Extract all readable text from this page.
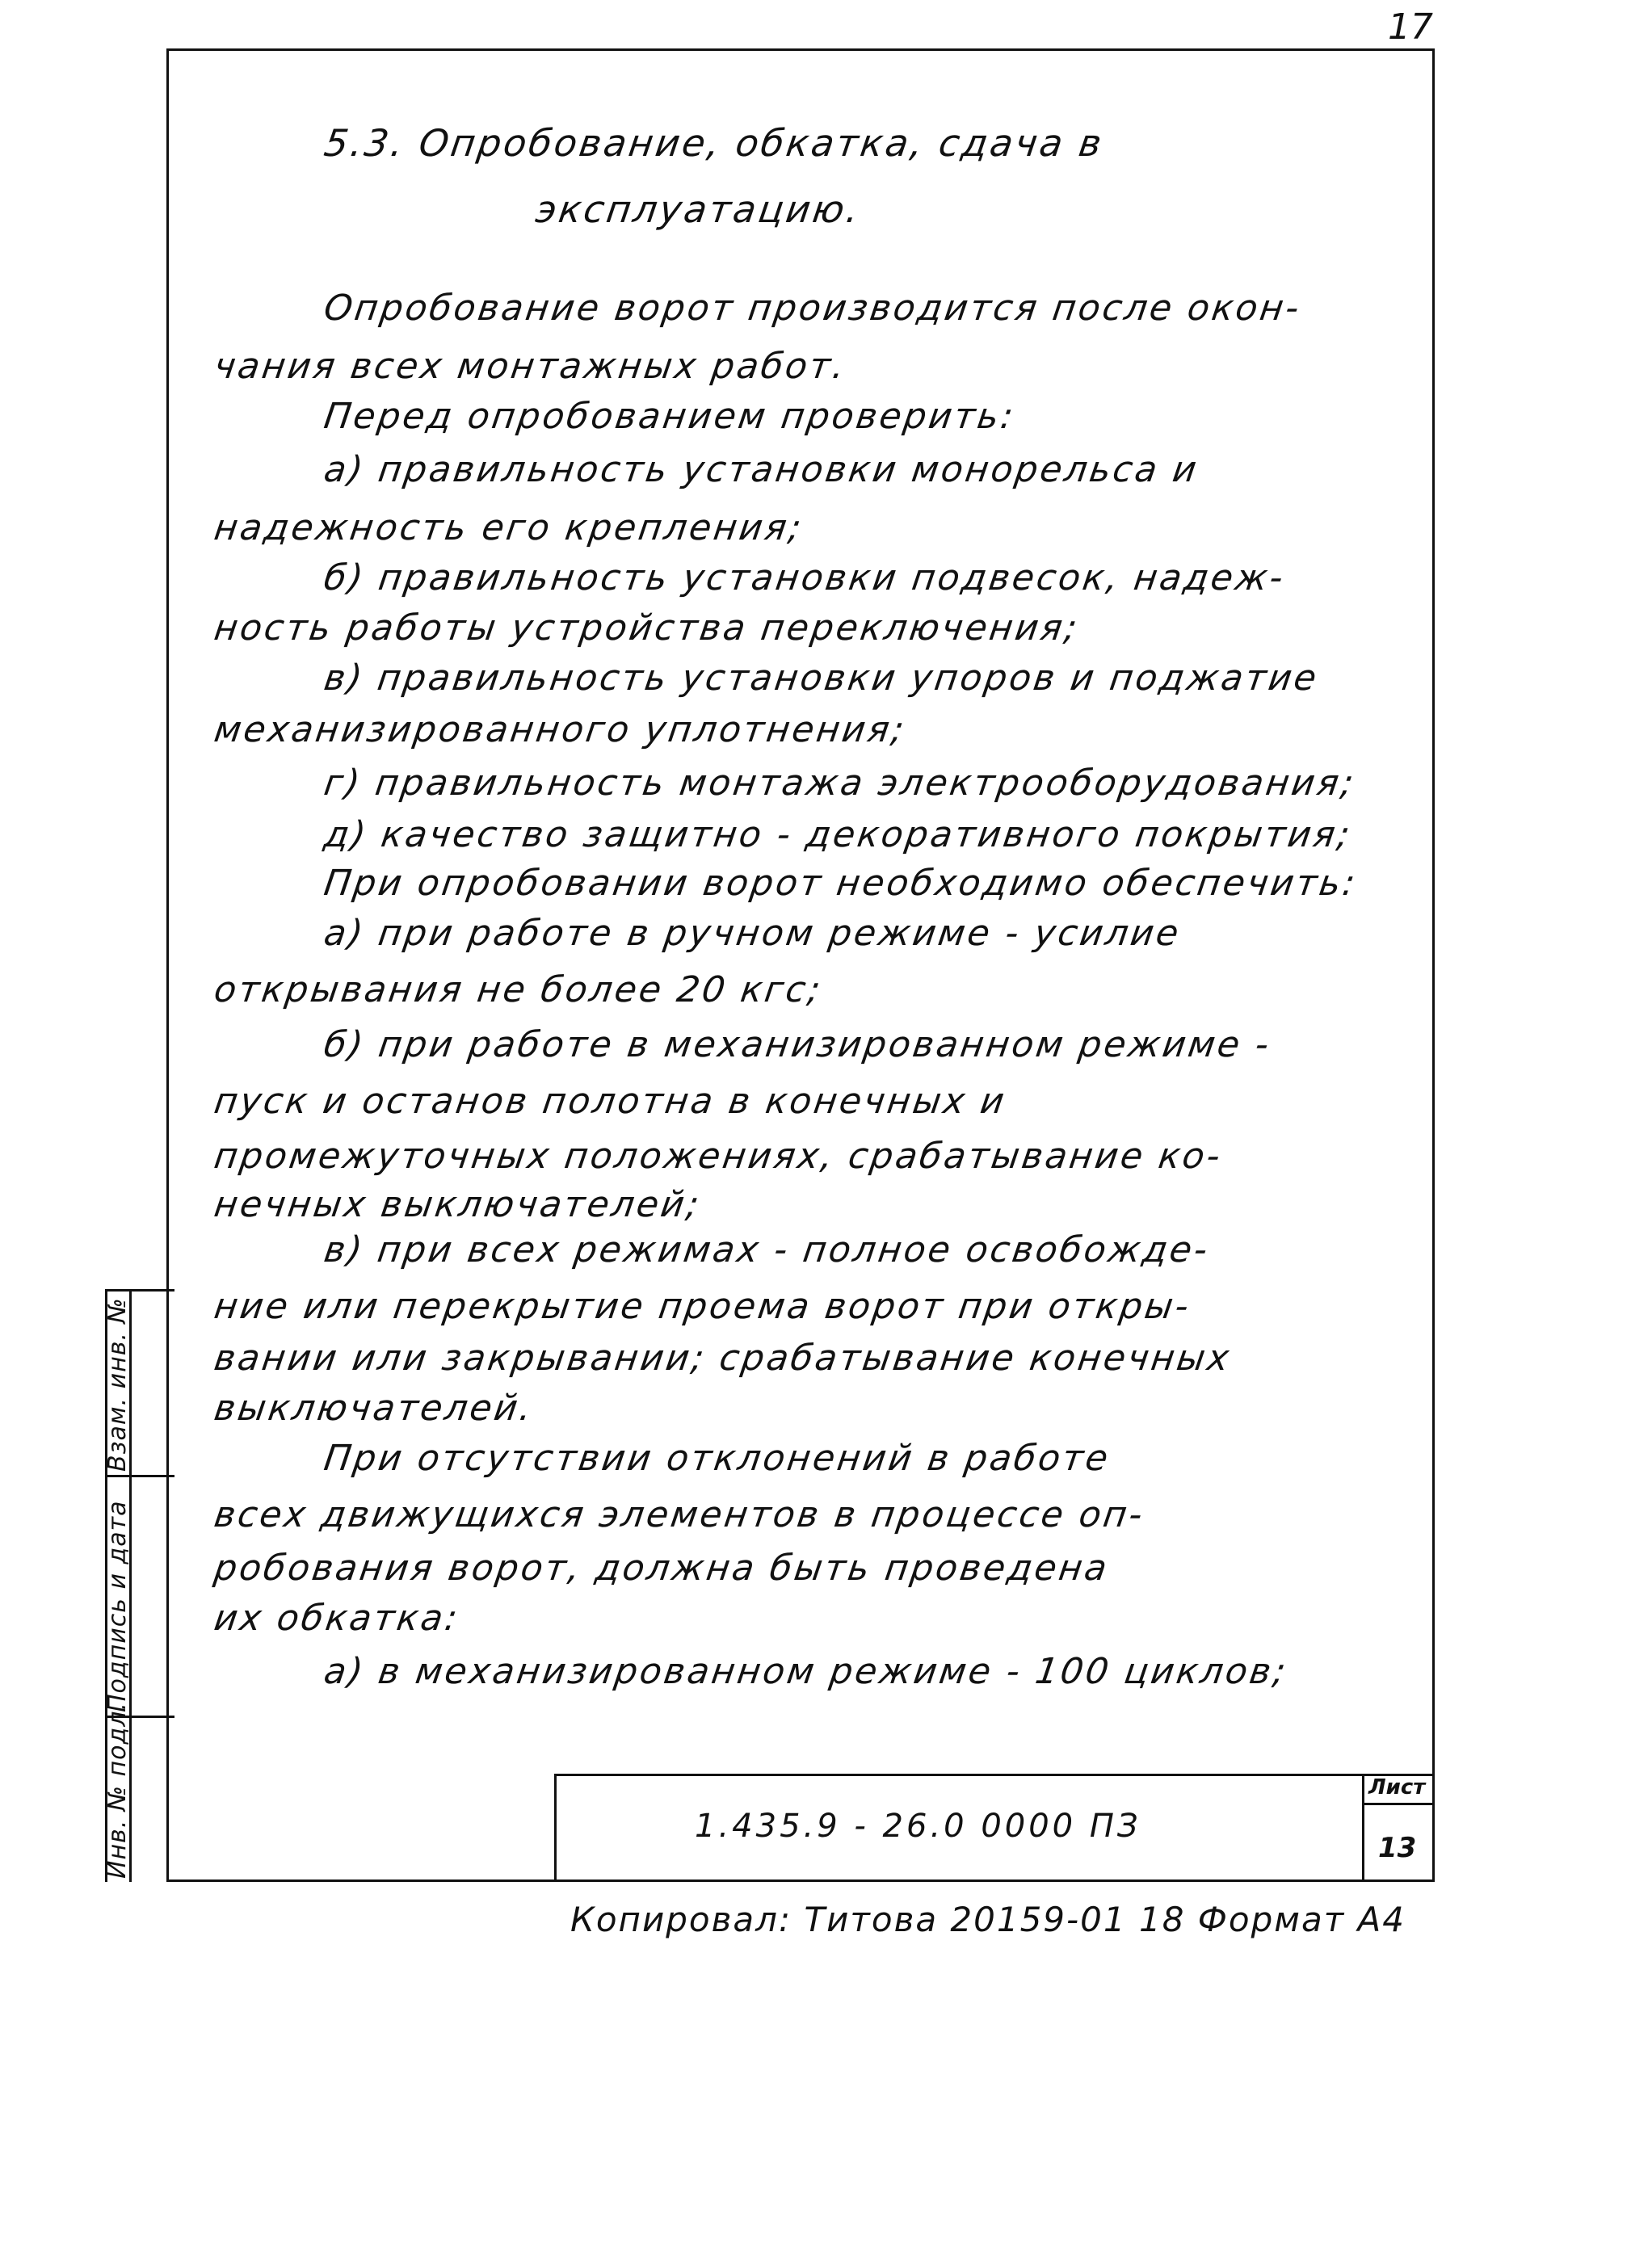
17
5.3. Опробование, обкатка, сдача в
эксплуатацию.
Опробование ворот производится после окон-
чания всех монтажных работ.
Перед опробованием проверить:
а) правильность установки монорельса и
надежность его крепления;
б) правильность установки подвесок, надеж-
ность работы устройства переключения;
в) правильность установки упоров и поджатие
механизированного уплотнения;
г) правильность монтажа электрооборудования;
д) качество защитно - декоративного покрытия;
При опробовании ворот необходимо обеспечить:
а) при работе в ручном режиме - усилие
открывания не более 20 кгс;
б) при работе в механизированном режиме -
пуск и останов полотна в конечных и
промежуточных положениях, срабатывание ко-
нечных выключателей;
в) при всех режимах - полное освобожде-
ние или перекрытие проема ворот при откры-
вании или закрывании; срабатывание конечных
выключателей.
При отсутствии отклонений в работе
всех движущихся элементов в процессе оп-
робования ворот, должна быть проведена
их обкатка:
а) в механизированном режиме - 100 циклов;
Взам. инв. №
Подпись и дата
Инв. № подл.	1.435.9 - 26.0 0000 ПЗ
Лист
13
Копировал: Титова 20159-01 18 Формат А4
